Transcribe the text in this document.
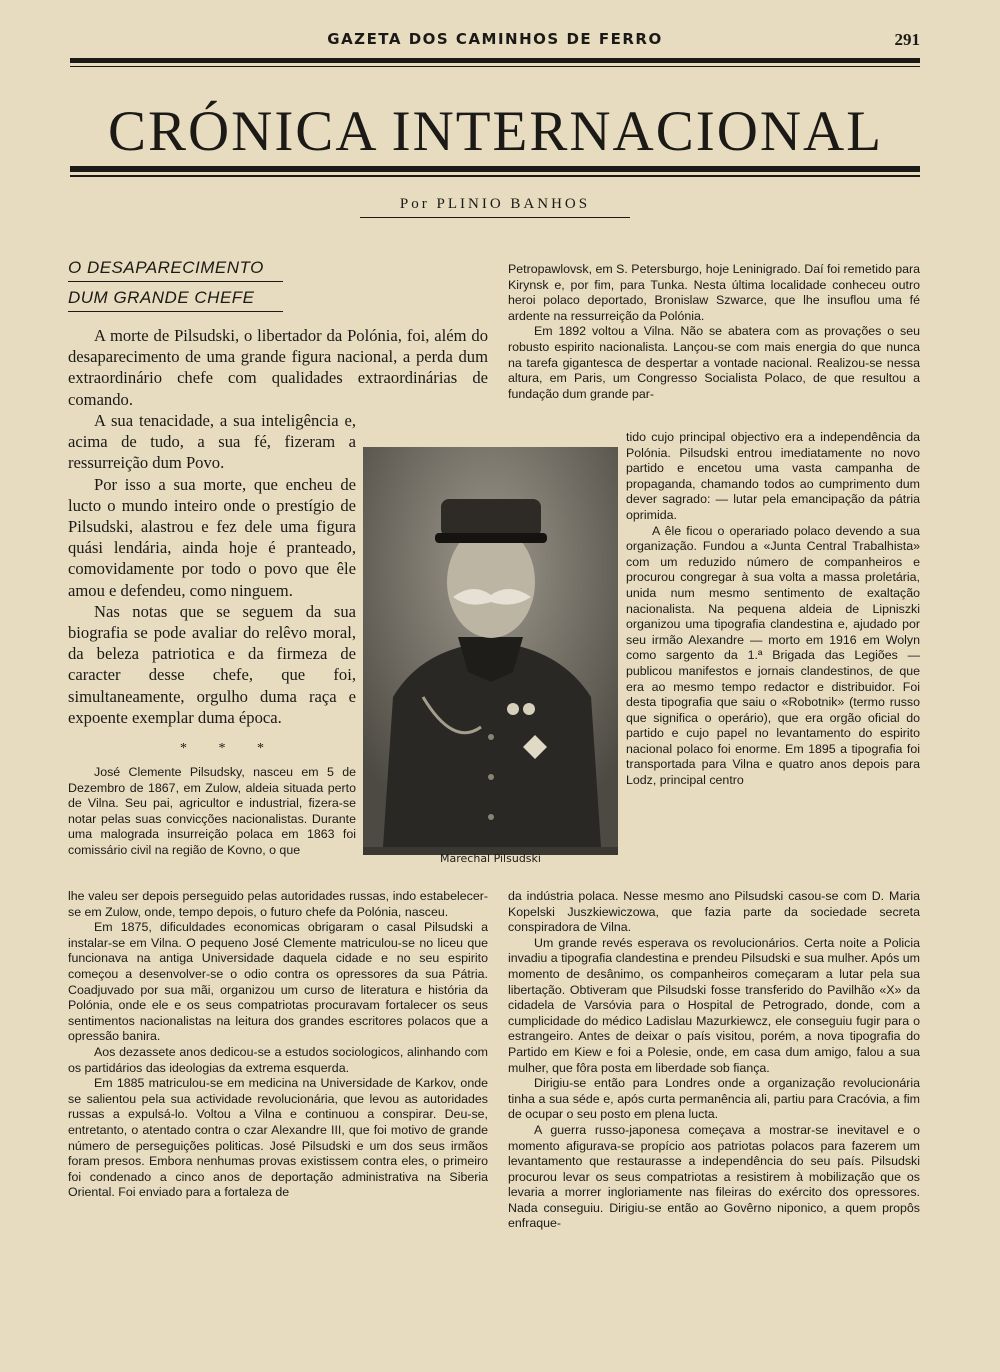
GAZETA DOS CAMINHOS DE FERRO	291
CRÓNICA INTERNACIONAL
Por PLINIO BANHOS
O DESAPARECIMENTO
DUM GRANDE CHEFE

A morte de Pilsudski, o libertador da Polónia, foi, além do desaparecimento de uma grande figura nacional, a perda dum extraordinário chefe com qualidades extraordinárias de comando.

A sua tenacidade, a sua inteligência e, acima de tudo, a sua fé, fizeram a ressurreição dum Povo.

Por isso a sua morte, que encheu de lucto o mundo inteiro onde o prestígio de Pilsudski, alastrou e fez dele uma figura quási lendária, ainda hoje é pranteado, comovidamente por todo o povo que êle amou e defendeu, como ninguem.

Nas notas que se seguem da sua biografia se pode avaliar do relêvo moral, da beleza patriotica e da firmeza de caracter desse chefe, que foi, simultaneamente, orgulho duma raça e expoente exemplar duma época.

* * *

José Clemente Pilsudsky, nasceu em 5 de Dezembro de 1867, em Zulow, aldeia situada perto de Vilna. Seu pai, agricultor e industrial, fizera-se notar pelas suas convicções nacionalistas. Durante uma malograda insurreição polaca em 1863 foi comissário civil na região de Kovno, o que

lhe valeu ser depois perseguido pelas autoridades russas, indo estabelecer-se em Zulow, onde, tempo depois, o futuro chefe da Polónia, nasceu.

Em 1875, dificuldades economicas obrigaram o casal Pilsudski a instalar-se em Vilna. O pequeno José Clemente matriculou-se no liceu que funcionava na antiga Universidade daquela cidade e no seu espirito começou a desenvolver-se o odio contra os opressores da sua Pátria. Coadjuvado por sua mãi, organizou um curso de literatura e história da Polónia, onde ele e os seus compatriotas procuravam fortalecer os seus sentimentos nacionalistas na leitura dos grandes escritores polacos que a opressão banira.

Aos dezassete anos dedicou-se a estudos sociologicos, alinhando com os partidários das ideologias da extrema esquerda.

Em 1885 matriculou-se em medicina na Universidade de Karkov, onde se salientou pela sua actividade revolucionária, que levou as autoridades russas a expulsá-lo. Voltou a Vilna e continuou a conspirar. Deu-se, entretanto, o atentado contra o czar Alexandre III, que foi motivo de grande número de perseguições politicas. José Pilsudski e um dos seus irmãos foram presos. Embora nenhumas provas existissem contra eles, o primeiro foi condenado a cinco anos de deportação administrativa na Siberia Oriental. Foi enviado para a fortaleza de

Petropawlovsk, em S. Petersburgo, hoje Leninigrado. Daí foi remetido para Kirynsk e, por fim, para Tunka. Nesta última localidade conheceu outro heroi polaco deportado, Bronislaw Szwarce, que lhe insuflou uma fé ardente na ressurreição da Polónia.

Em 1892 voltou a Vilna. Não se abatera com as provações o seu robusto espirito nacionalista. Lançou-se com mais energia do que nunca na tarefa gigantesca de despertar a vontade nacional. Realizou-se nessa altura, em Paris, um Congresso Socialista Polaco, de que resultou a fundação dum grande par-

tido cujo principal objectivo era a independência da Polónia. Pilsudski entrou imediatamente no novo partido e encetou uma vasta campanha de propaganda, chamando todos ao cumprimento dum dever sagrado: — lutar pela emancipação da pátria oprimida.

A êle ficou o operariado polaco devendo a sua organização. Fundou a «Junta Central Trabalhista» com um reduzido número de companheiros e procurou congregar à sua volta a massa proletária, unida num mesmo sentimento de exaltação nacionalista. Na pequena aldeia de Lipniszki organizou uma tipografia clandestina e, ajudado por seu irmão Alexandre — morto em 1916 em Wolyn como sargento da 1.ª Brigada das Legiões — publicou manifestos e jornais clandestinos, de que era ao mesmo tempo redactor e distribuidor. Foi desta tipografia que saiu o «Robotnik» (termo russo que significa o operário), que era orgão oficial do partido e cujo papel no levantamento do espirito nacional polaco foi enorme. Em 1895 a tipografia foi transportada para Vilna e quatro anos depois para Lodz, principal centro

da indústria polaca. Nesse mesmo ano Pilsudski casou-se com D. Maria Kopelski Juszkiewiczowa, que fazia parte da sociedade secreta conspiradora de Vilna.

Um grande revés esperava os revolucionários. Certa noite a Policia invadiu a tipografia clandestina e prendeu Pilsudski e sua mulher. Após um momento de desânimo, os companheiros começaram a lutar pela sua libertação. Obtiveram que Pilsudski fosse transferido do Pavilhão «X» da cidadela de Varsóvia para o Hospital de Petrogrado, donde, com a cumplicidade do médico Ladislau Mazurkiewcz, ele conseguiu fugir para o estrangeiro. Antes de deixar o país visitou, porém, a nova tipografia do Partido em Kiew e foi a Polesie, onde, em casa dum amigo, falou a sua mulher, que fôra posta em liberdade sob fiança.

Dirigiu-se então para Londres onde a organização revolucionária tinha a sua séde e, após curta permanência ali, partiu para Cracóvia, a fim de ocupar o seu posto em plena lucta.

A guerra russo-japonesa começava a mostrar-se inevitavel e o momento afigurava-se propício aos patriotas polacos para fazerem um levantamento que restaurasse a independência do seu país. Pilsudski procurou levar os seus compatriotas a resistirem à mobilização que os levaria a morrer ingloriamente nas fileiras do exército dos opressores. Nada conseguiu. Dirigiu-se então ao Govêrno niponico, a quem propôs enfraque-

Marechal Pilsudski
